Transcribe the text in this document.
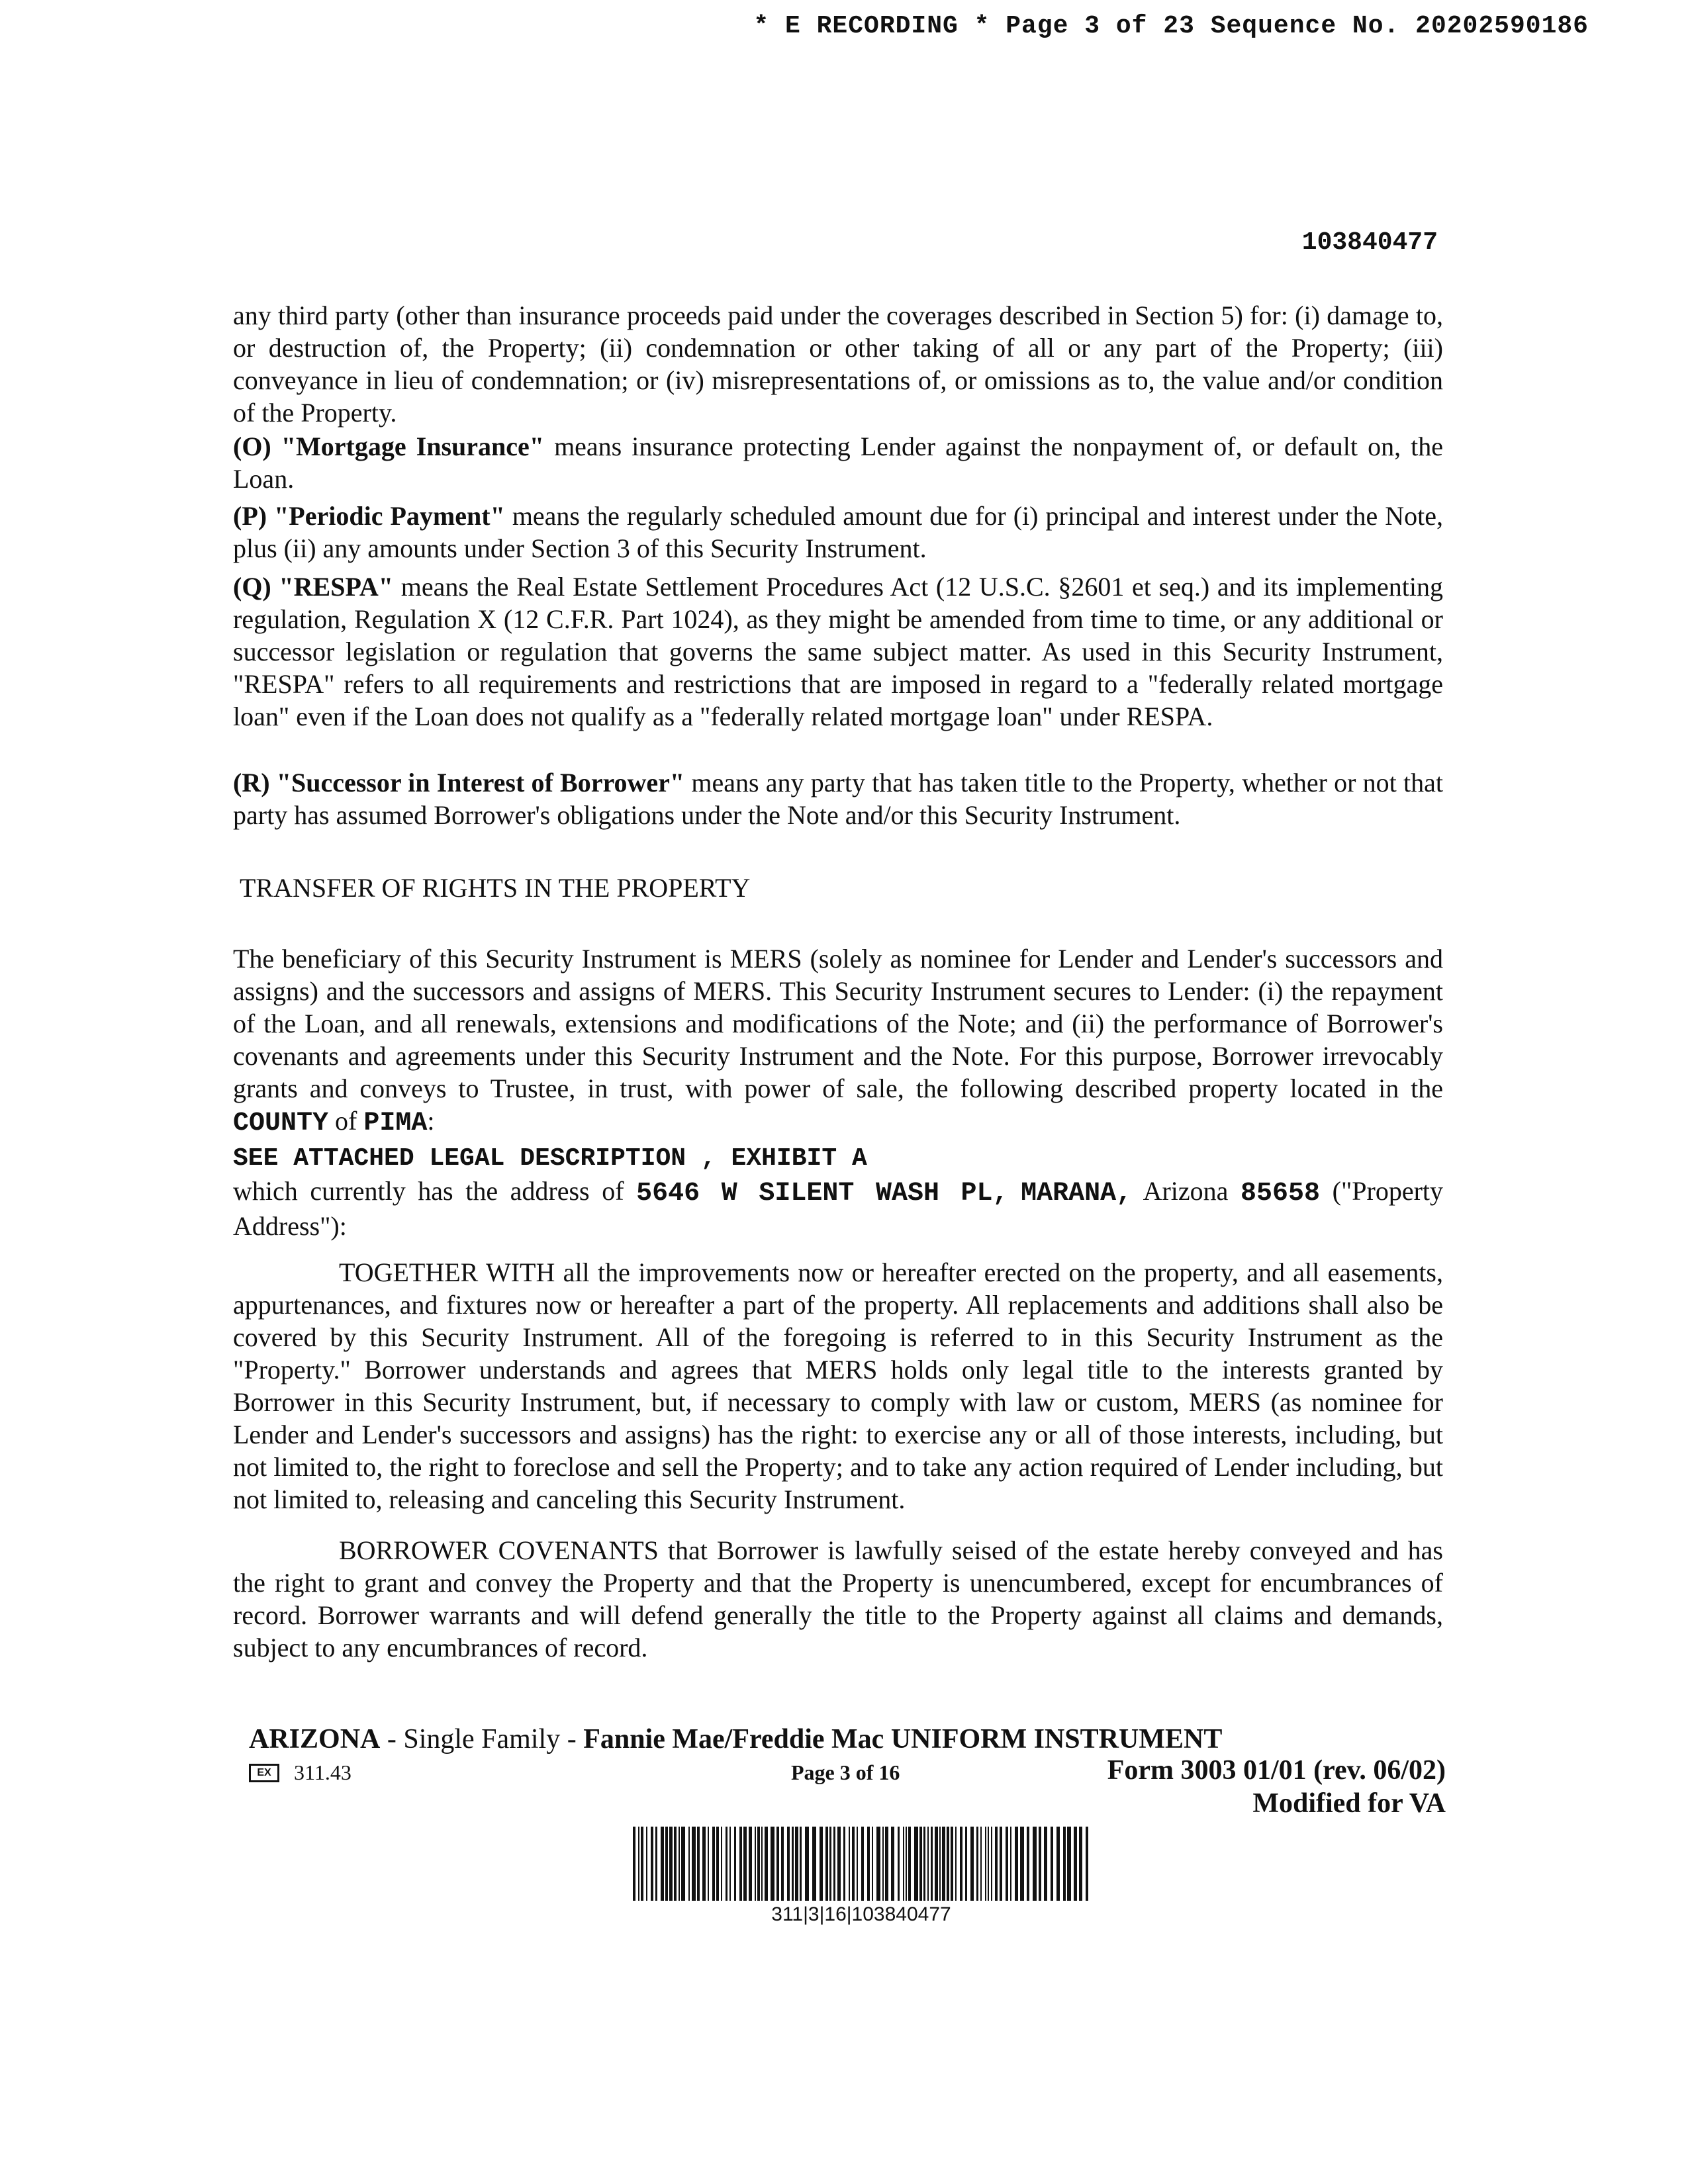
* E RECORDING * Page 3 of 23 Sequence No. 20202590186
103840477

any third party (other than insurance proceeds paid under the coverages described in Section 5) for: (i) damage to, or destruction of, the Property; (ii) condemnation or other taking of all or any part of the Property; (iii) conveyance in lieu of condemnation; or (iv) misrepresentations of, or omissions as to, the value and/or condition of the Property.

(O) "Mortgage Insurance" means insurance protecting Lender against the nonpayment of, or default on, the Loan.

(P) "Periodic Payment" means the regularly scheduled amount due for (i) principal and interest under the Note, plus (ii) any amounts under Section 3 of this Security Instrument.

(Q) "RESPA" means the Real Estate Settlement Procedures Act (12 U.S.C. §2601 et seq.) and its implementing regulation, Regulation X (12 C.F.R. Part 1024), as they might be amended from time to time, or any additional or successor legislation or regulation that governs the same subject matter. As used in this Security Instrument, "RESPA" refers to all requirements and restrictions that are imposed in regard to a "federally related mortgage loan" even if the Loan does not qualify as a "federally related mortgage loan" under RESPA.

(R) "Successor in Interest of Borrower" means any party that has taken title to the Property, whether or not that party has assumed Borrower's obligations under the Note and/or this Security Instrument.

TRANSFER OF RIGHTS IN THE PROPERTY

The beneficiary of this Security Instrument is MERS (solely as nominee for Lender and Lender's successors and assigns) and the successors and assigns of MERS. This Security Instrument secures to Lender: (i) the repayment of the Loan, and all renewals, extensions and modifications of the Note; and (ii) the performance of Borrower's covenants and agreements under this Security Instrument and the Note. For this purpose, Borrower irrevocably grants and conveys to Trustee, in trust, with power of sale, the following described property located in the COUNTY of PIMA:

SEE ATTACHED LEGAL DESCRIPTION , EXHIBIT A

which currently has the address of 5646 W SILENT WASH PL, MARANA, Arizona 85658 ("Property Address"):

TOGETHER WITH all the improvements now or hereafter erected on the property, and all easements, appurtenances, and fixtures now or hereafter a part of the property. All replacements and additions shall also be covered by this Security Instrument. All of the foregoing is referred to in this Security Instrument as the "Property." Borrower understands and agrees that MERS holds only legal title to the interests granted by Borrower in this Security Instrument, but, if necessary to comply with law or custom, MERS (as nominee for Lender and Lender's successors and assigns) has the right: to exercise any or all of those interests, including, but not limited to, the right to foreclose and sell the Property; and to take any action required of Lender including, but not limited to, releasing and canceling this Security Instrument.
BORROWER COVENANTS that Borrower is lawfully seised of the estate hereby conveyed and has the right to grant and convey the Property and that the Property is unencumbered, except for encumbrances of record. Borrower warrants and will defend generally the title to the Property against all claims and demands, subject to any encumbrances of record.
ARIZONA - Single Family - Fannie Mae/Freddie Mac UNIFORM INSTRUMENT
EX	311.43	Page 3 of 16	Form 3003 01/01 (rev. 06/02)
Modified for VA
311|3|16|103840477
